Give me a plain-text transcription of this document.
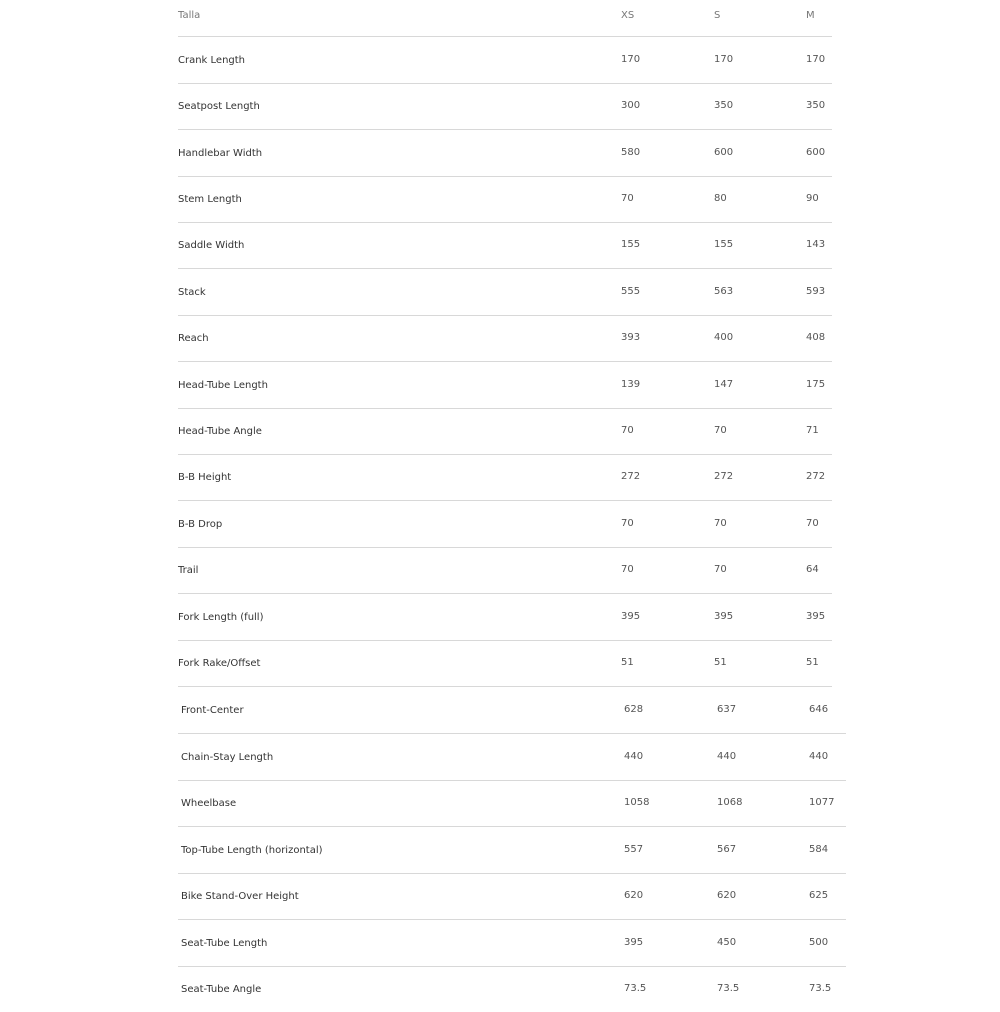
Talla	XS	S	M
Crank Length	170	170	170
Seatpost Length	300	350	350
Handlebar Width	580	600	600
Stem Length	70	80	90
Saddle Width	155	155	143
Stack	555	563	593
Reach	393	400	408
Head-Tube Length	139	147	175
Head-Tube Angle	70	70	71
B-B Height	272	272	272
B-B Drop	70	70	70
Trail	70	70	64
Fork Length (full)	395	395	395
Fork Rake/Offset	51	51	51
Front-Center	628	637	646
Chain-Stay Length	440	440	440
Wheelbase	1058	1068	1077
Top-Tube Length (horizontal)	557	567	584
Bike Stand-Over Height	620	620	625
Seat-Tube Length	395	450	500
Seat-Tube Angle	73.5	73.5	73.5
